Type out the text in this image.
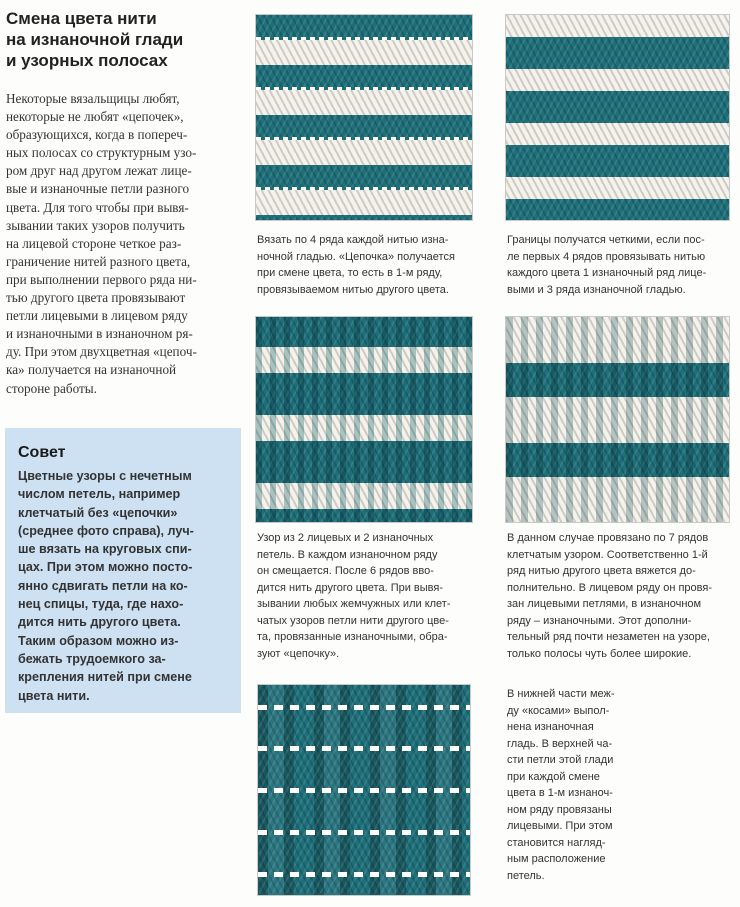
Смена цвета нити
на изнаночной глади
и узорных полосах
Некоторые вязальщицы любят,
некоторые не любят «цепочек»,
образующихся, когда в попереч-
ных полосах со структурным узо-
ром друг над другом лежат лице-
вые и изнаночные петли разного
цвета. Для того чтобы при вывя-
зывании таких узоров получить
на лицевой стороне четкое раз-
граничение нитей разного цвета,
при выполнении первого ряда ни-
тью другого цвета провязывают
петли лицевыми в лицевом ряду
и изнаночными в изнаночном ря-
ду. При этом двухцветная «цепоч-
ка» получается на изнаночной
стороне работы.
Совет
Цветные узоры с нечетным
числом петель, например
клетчатый без «цепочки»
(среднее фото справа), луч-
ше вязать на круговых спи-
цах. При этом можно посто-
янно сдвигать петли на ко-
нец спицы, туда, где нахо-
дится нить другого цвета.
Таким образом можно из-
бежать трудоемкого за-
крепления нитей при смене
цвета нити.
Вязать по 4 ряда каждой нитью изна-
ночной гладью. «Цепочка» получается
при смене цвета, то есть в 1-м ряду,
провязываемом нитью другого цвета.
Границы получатся четкими, если пос-
ле первых 4 рядов провязывать нитью
каждого цвета 1 изнаночный ряд лице-
выми и 3 ряда изнаночной гладью.
Узор из 2 лицевых и 2 изнаночных
петель. В каждом изнаночном ряду
он смещается. После 6 рядов вво-
дится нить другого цвета. При вывя-
зывании любых жемчужных или клет-
чатых узоров петли нити другого цве-
та, провязанные изнаночными, обра-
зуют «цепочку».
В данном случае провязано по 7 рядов
клетчатым узором. Соответственно 1-й
ряд нитью другого цвета вяжется до-
полнительно. В лицевом ряду он провя-
зан лицевыми петлями, в изнаночном
ряду – изнаночными. Этот дополни-
тельный ряд почти незаметен на узоре,
только полосы чуть более широкие.
В нижней части меж-
ду «косами» выпол-
нена изнаночная
гладь. В верхней ча-
сти петли этой глади
при каждой смене
цвета в 1-м изнаноч-
ном ряду провязаны
лицевыми. При этом
становится нагляд-
ным расположение
петель.
